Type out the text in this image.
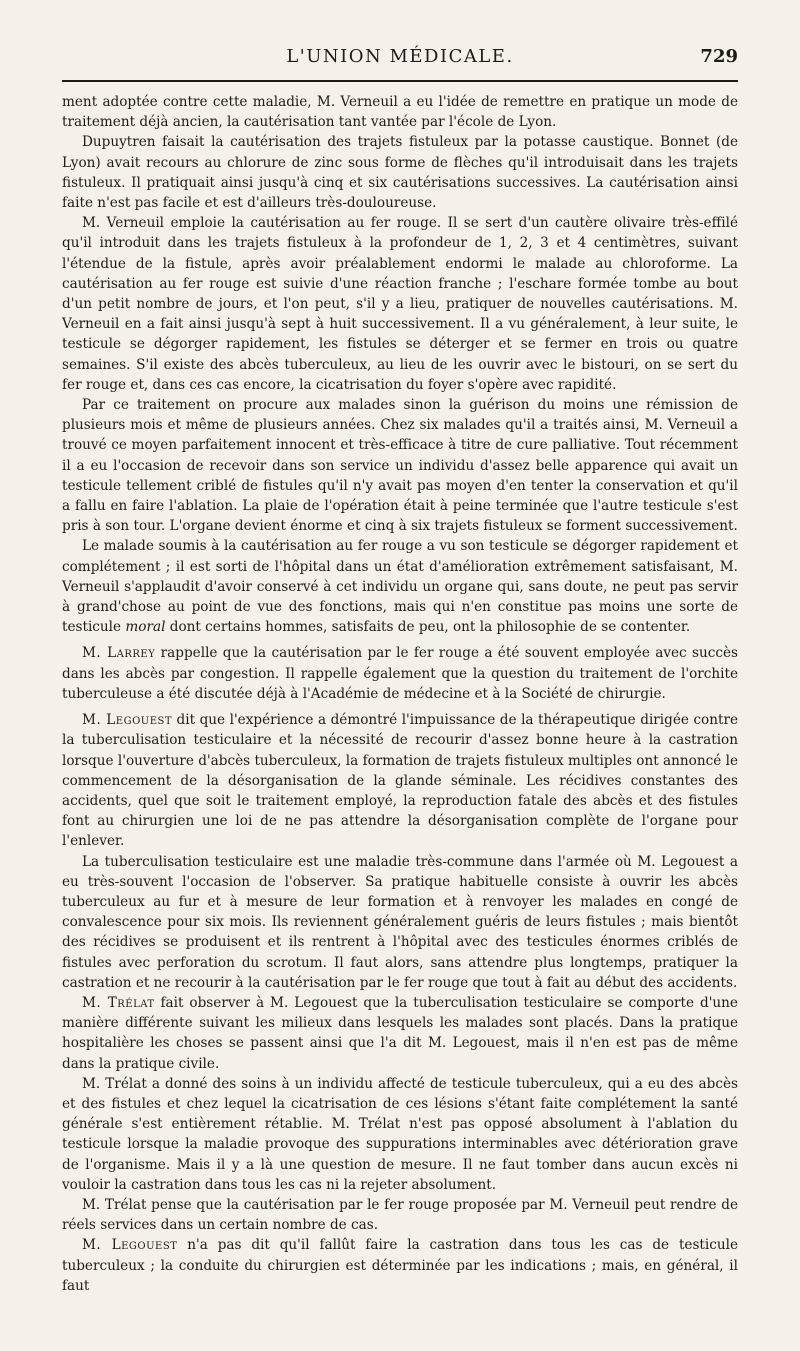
L'UNION MÉDICALE.	729

ment adoptée contre cette maladie, M. Verneuil a eu l'idée de remettre en pratique un mode de traitement déjà ancien, la cautérisation tant vantée par l'école de Lyon.

Dupuytren faisait la cautérisation des trajets fistuleux par la potasse caustique. Bonnet (de Lyon) avait recours au chlorure de zinc sous forme de flèches qu'il introduisait dans les trajets fistuleux. Il pratiquait ainsi jusqu'à cinq et six cautérisations successives. La cautérisation ainsi faite n'est pas facile et est d'ailleurs très-douloureuse.

M. Verneuil emploie la cautérisation au fer rouge. Il se sert d'un cautère olivaire très-effilé qu'il introduit dans les trajets fistuleux à la profondeur de 1, 2, 3 et 4 centimètres, suivant l'étendue de la fistule, après avoir préalablement endormi le malade au chloroforme. La cautérisation au fer rouge est suivie d'une réaction franche ; l'eschare formée tombe au bout d'un petit nombre de jours, et l'on peut, s'il y a lieu, pratiquer de nouvelles cautérisations. M. Verneuil en a fait ainsi jusqu'à sept à huit successivement. Il a vu généralement, à leur suite, le testicule se dégorger rapidement, les fistules se déterger et se fermer en trois ou quatre semaines. S'il existe des abcès tuberculeux, au lieu de les ouvrir avec le bistouri, on se sert du fer rouge et, dans ces cas encore, la cicatrisation du foyer s'opère avec rapidité.

Par ce traitement on procure aux malades sinon la guérison du moins une rémission de plusieurs mois et même de plusieurs années. Chez six malades qu'il a traités ainsi, M. Verneuil a trouvé ce moyen parfaitement innocent et très-efficace à titre de cure palliative. Tout récemment il a eu l'occasion de recevoir dans son service un individu d'assez belle apparence qui avait un testicule tellement criblé de fistules qu'il n'y avait pas moyen d'en tenter la conservation et qu'il a fallu en faire l'ablation. La plaie de l'opération était à peine terminée que l'autre testicule s'est pris à son tour. L'organe devient énorme et cinq à six trajets fistuleux se forment successivement.

Le malade soumis à la cautérisation au fer rouge a vu son testicule se dégorger rapidement et complétement ; il est sorti de l'hôpital dans un état d'amélioration extrêmement satisfaisant, M. Verneuil s'applaudit d'avoir conservé à cet individu un organe qui, sans doute, ne peut pas servir à grand'chose au point de vue des fonctions, mais qui n'en constitue pas moins une sorte de testicule moral dont certains hommes, satisfaits de peu, ont la philosophie de se contenter.

M. Larrey rappelle que la cautérisation par le fer rouge a été souvent employée avec succès dans les abcès par congestion. Il rappelle également que la question du traitement de l'orchite tuberculeuse a été discutée déjà à l'Académie de médecine et à la Société de chirurgie.

M. Legouest dit que l'expérience a démontré l'impuissance de la thérapeutique dirigée contre la tuberculisation testiculaire et la nécessité de recourir d'assez bonne heure à la castration lorsque l'ouverture d'abcès tuberculeux, la formation de trajets fistuleux multiples ont annoncé le commencement de la désorganisation de la glande séminale. Les récidives constantes des accidents, quel que soit le traitement employé, la reproduction fatale des abcès et des fistules font au chirurgien une loi de ne pas attendre la désorganisation complète de l'organe pour l'enlever.

La tuberculisation testiculaire est une maladie très-commune dans l'armée où M. Legouest a eu très-souvent l'occasion de l'observer. Sa pratique habituelle consiste à ouvrir les abcès tuberculeux au fur et à mesure de leur formation et à renvoyer les malades en congé de convalescence pour six mois. Ils reviennent généralement guéris de leurs fistules ; mais bientôt des récidives se produisent et ils rentrent à l'hôpital avec des testicules énormes criblés de fistules avec perforation du scrotum. Il faut alors, sans attendre plus longtemps, pratiquer la castration et ne recourir à la cautérisation par le fer rouge que tout à fait au début des accidents.

M. Trélat fait observer à M. Legouest que la tuberculisation testiculaire se comporte d'une manière différente suivant les milieux dans lesquels les malades sont placés. Dans la pratique hospitalière les choses se passent ainsi que l'a dit M. Legouest, mais il n'en est pas de même dans la pratique civile.

M. Trélat a donné des soins à un individu affecté de testicule tuberculeux, qui a eu des abcès et des fistules et chez lequel la cicatrisation de ces lésions s'étant faite complétement la santé générale s'est entièrement rétablie. M. Trélat n'est pas opposé absolument à l'ablation du testicule lorsque la maladie provoque des suppurations interminables avec détérioration grave de l'organisme. Mais il y a là une question de mesure. Il ne faut tomber dans aucun excès ni vouloir la castration dans tous les cas ni la rejeter absolument.

M. Trélat pense que la cautérisation par le fer rouge proposée par M. Verneuil peut rendre de réels services dans un certain nombre de cas.

M. Legouest n'a pas dit qu'il fallût faire la castration dans tous les cas de testicule tuberculeux ; la conduite du chirurgien est déterminée par les indications ; mais, en général, il faut
